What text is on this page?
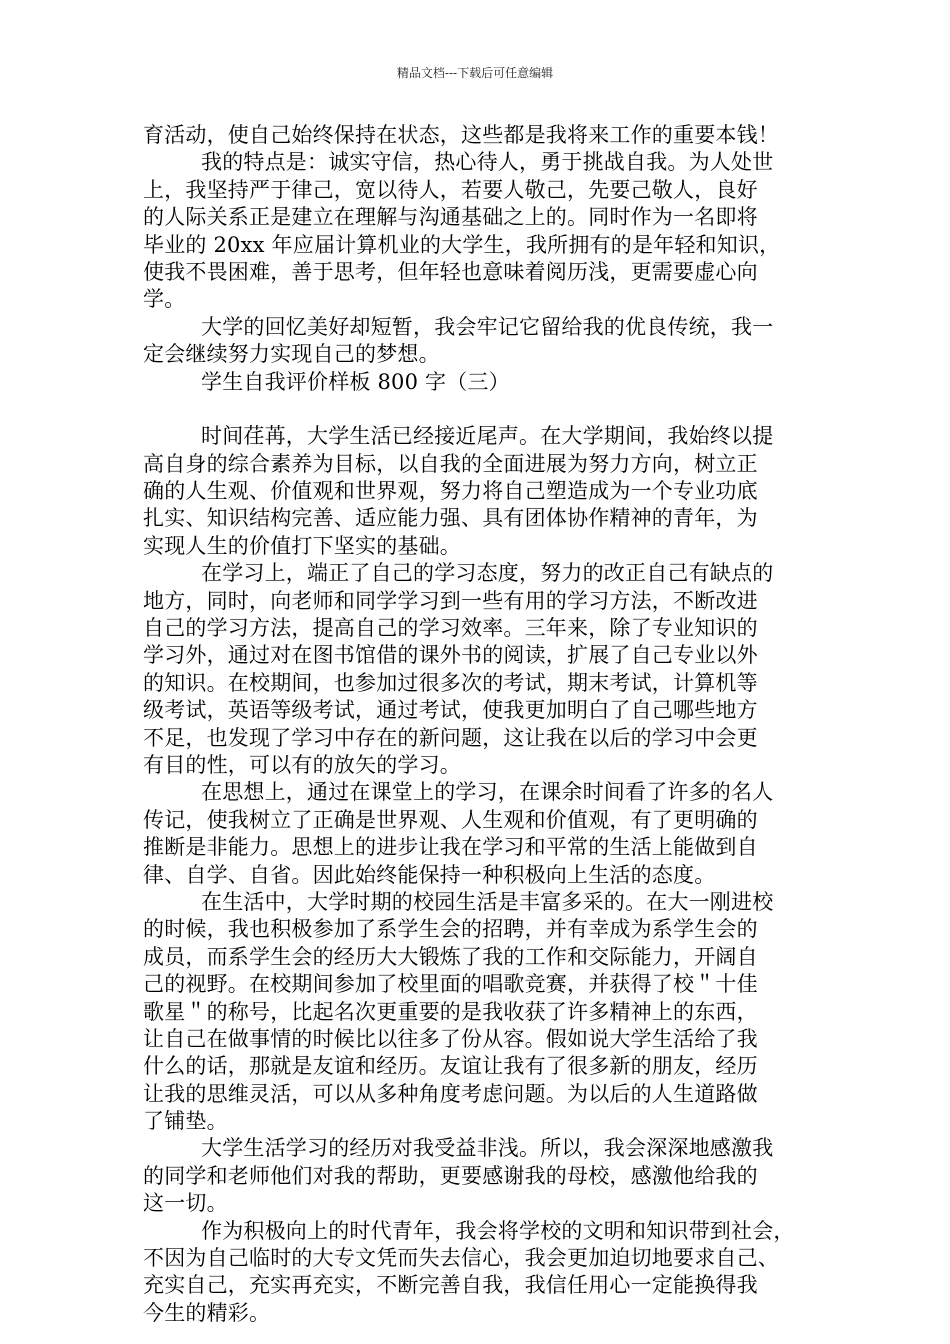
精品文档---下载后可任意编辑
育活动，使自己始终保持在状态，这些都是我将来工作的重要本钱！
我的特点是：诚实守信，热心待人，勇于挑战自我。为人处世
上，我坚持严于律己，宽以待人，若要人敬己，先要己敬人，良好
的人际关系正是建立在理解与沟通基础之上的。同时作为一名即将
毕业的 20xx 年应届计算机业的大学生，我所拥有的是年轻和知识，
使我不畏困难，善于思考，但年轻也意味着阅历浅，更需要虚心向
学。
大学的回忆美好却短暂，我会牢记它留给我的优良传统，我一
定会继续努力实现自己的梦想。
学生自我评价样板 800 字（三）
时间荏苒，大学生活已经接近尾声。在大学期间，我始终以提
高自身的综合素养为目标，以自我的全面进展为努力方向，树立正
确的人生观、价值观和世界观，努力将自己塑造成为一个专业功底
扎实、知识结构完善、适应能力强、具有团体协作精神的青年，为
实现人生的价值打下坚实的基础。
在学习上，端正了自己的学习态度，努力的改正自己有缺点的
地方，同时，向老师和同学学习到一些有用的学习方法，不断改进
自己的学习方法，提高自己的学习效率。三年来，除了专业知识的
学习外，通过对在图书馆借的课外书的阅读，扩展了自己专业以外
的知识。在校期间，也参加过很多次的考试，期末考试，计算机等
级考试，英语等级考试，通过考试，使我更加明白了自己哪些地方
不足，也发现了学习中存在的新问题，这让我在以后的学习中会更
有目的性，可以有的放矢的学习。
在思想上，通过在课堂上的学习，在课余时间看了许多的名人
传记，使我树立了正确是世界观、人生观和价值观，有了更明确的
推断是非能力。思想上的进步让我在学习和平常的生活上能做到自
律、自学、自省。因此始终能保持一种积极向上生活的态度。
在生活中，大学时期的校园生活是丰富多采的。在大一刚进校
的时候，我也积极参加了系学生会的招聘，并有幸成为系学生会的
成员，而系学生会的经历大大锻炼了我的工作和交际能力，开阔自
己的视野。在校期间参加了校里面的唱歌竞赛，并获得了校＂十佳
歌星＂的称号，比起名次更重要的是我收获了许多精神上的东西，
让自己在做事情的时候比以往多了份从容。假如说大学生活给了我
什么的话，那就是友谊和经历。友谊让我有了很多新的朋友，经历
让我的思维灵活，可以从多种角度考虑问题。为以后的人生道路做
了铺垫。
大学生活学习的经历对我受益非浅。所以，我会深深地感激我
的同学和老师他们对我的帮助，更要感谢我的母校，感激他给我的
这一切。
作为积极向上的时代青年，我会将学校的文明和知识带到社会，
不因为自己临时的大专文凭而失去信心，我会更加迫切地要求自己、
充实自己，充实再充实，不断完善自我，我信任用心一定能换得我
今生的精彩。
